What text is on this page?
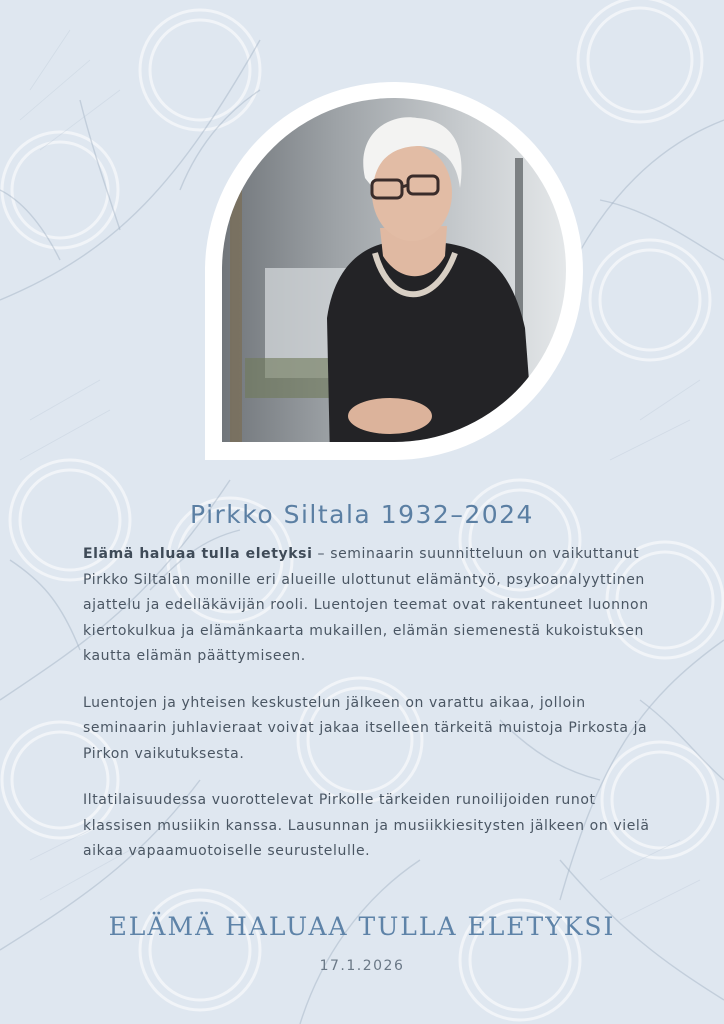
Pirkko Siltala 1932–2024

Elämä haluaa tulla eletyksi – seminaarin suunnitteluun on vaikuttanut Pirkko Siltalan monille eri alueille ulottunut elämäntyö, psykoanalyyttinen ajattelu ja edelläkävijän rooli. Luentojen teemat ovat rakentuneet luonnon kiertokulkua ja elämänkaarta mukaillen, elämän siemenestä kukoistuksen kautta elämän päättymiseen.

Luentojen ja yhteisen keskustelun jälkeen on varattu aikaa, jolloin seminaarin juhlavieraat voivat jakaa itselleen tärkeitä muistoja Pirkosta ja Pirkon vaikutuksesta.

Iltatilaisuudessa vuorottelevat Pirkolle tärkeiden runoilijoiden runot klassisen musiikin kanssa. Lausunnan ja musiikkiesitysten jälkeen on vielä aikaa vapaamuotoiselle seurustelulle.

ELÄMÄ HALUAA TULLA ELETYKSI
17.1.2026
